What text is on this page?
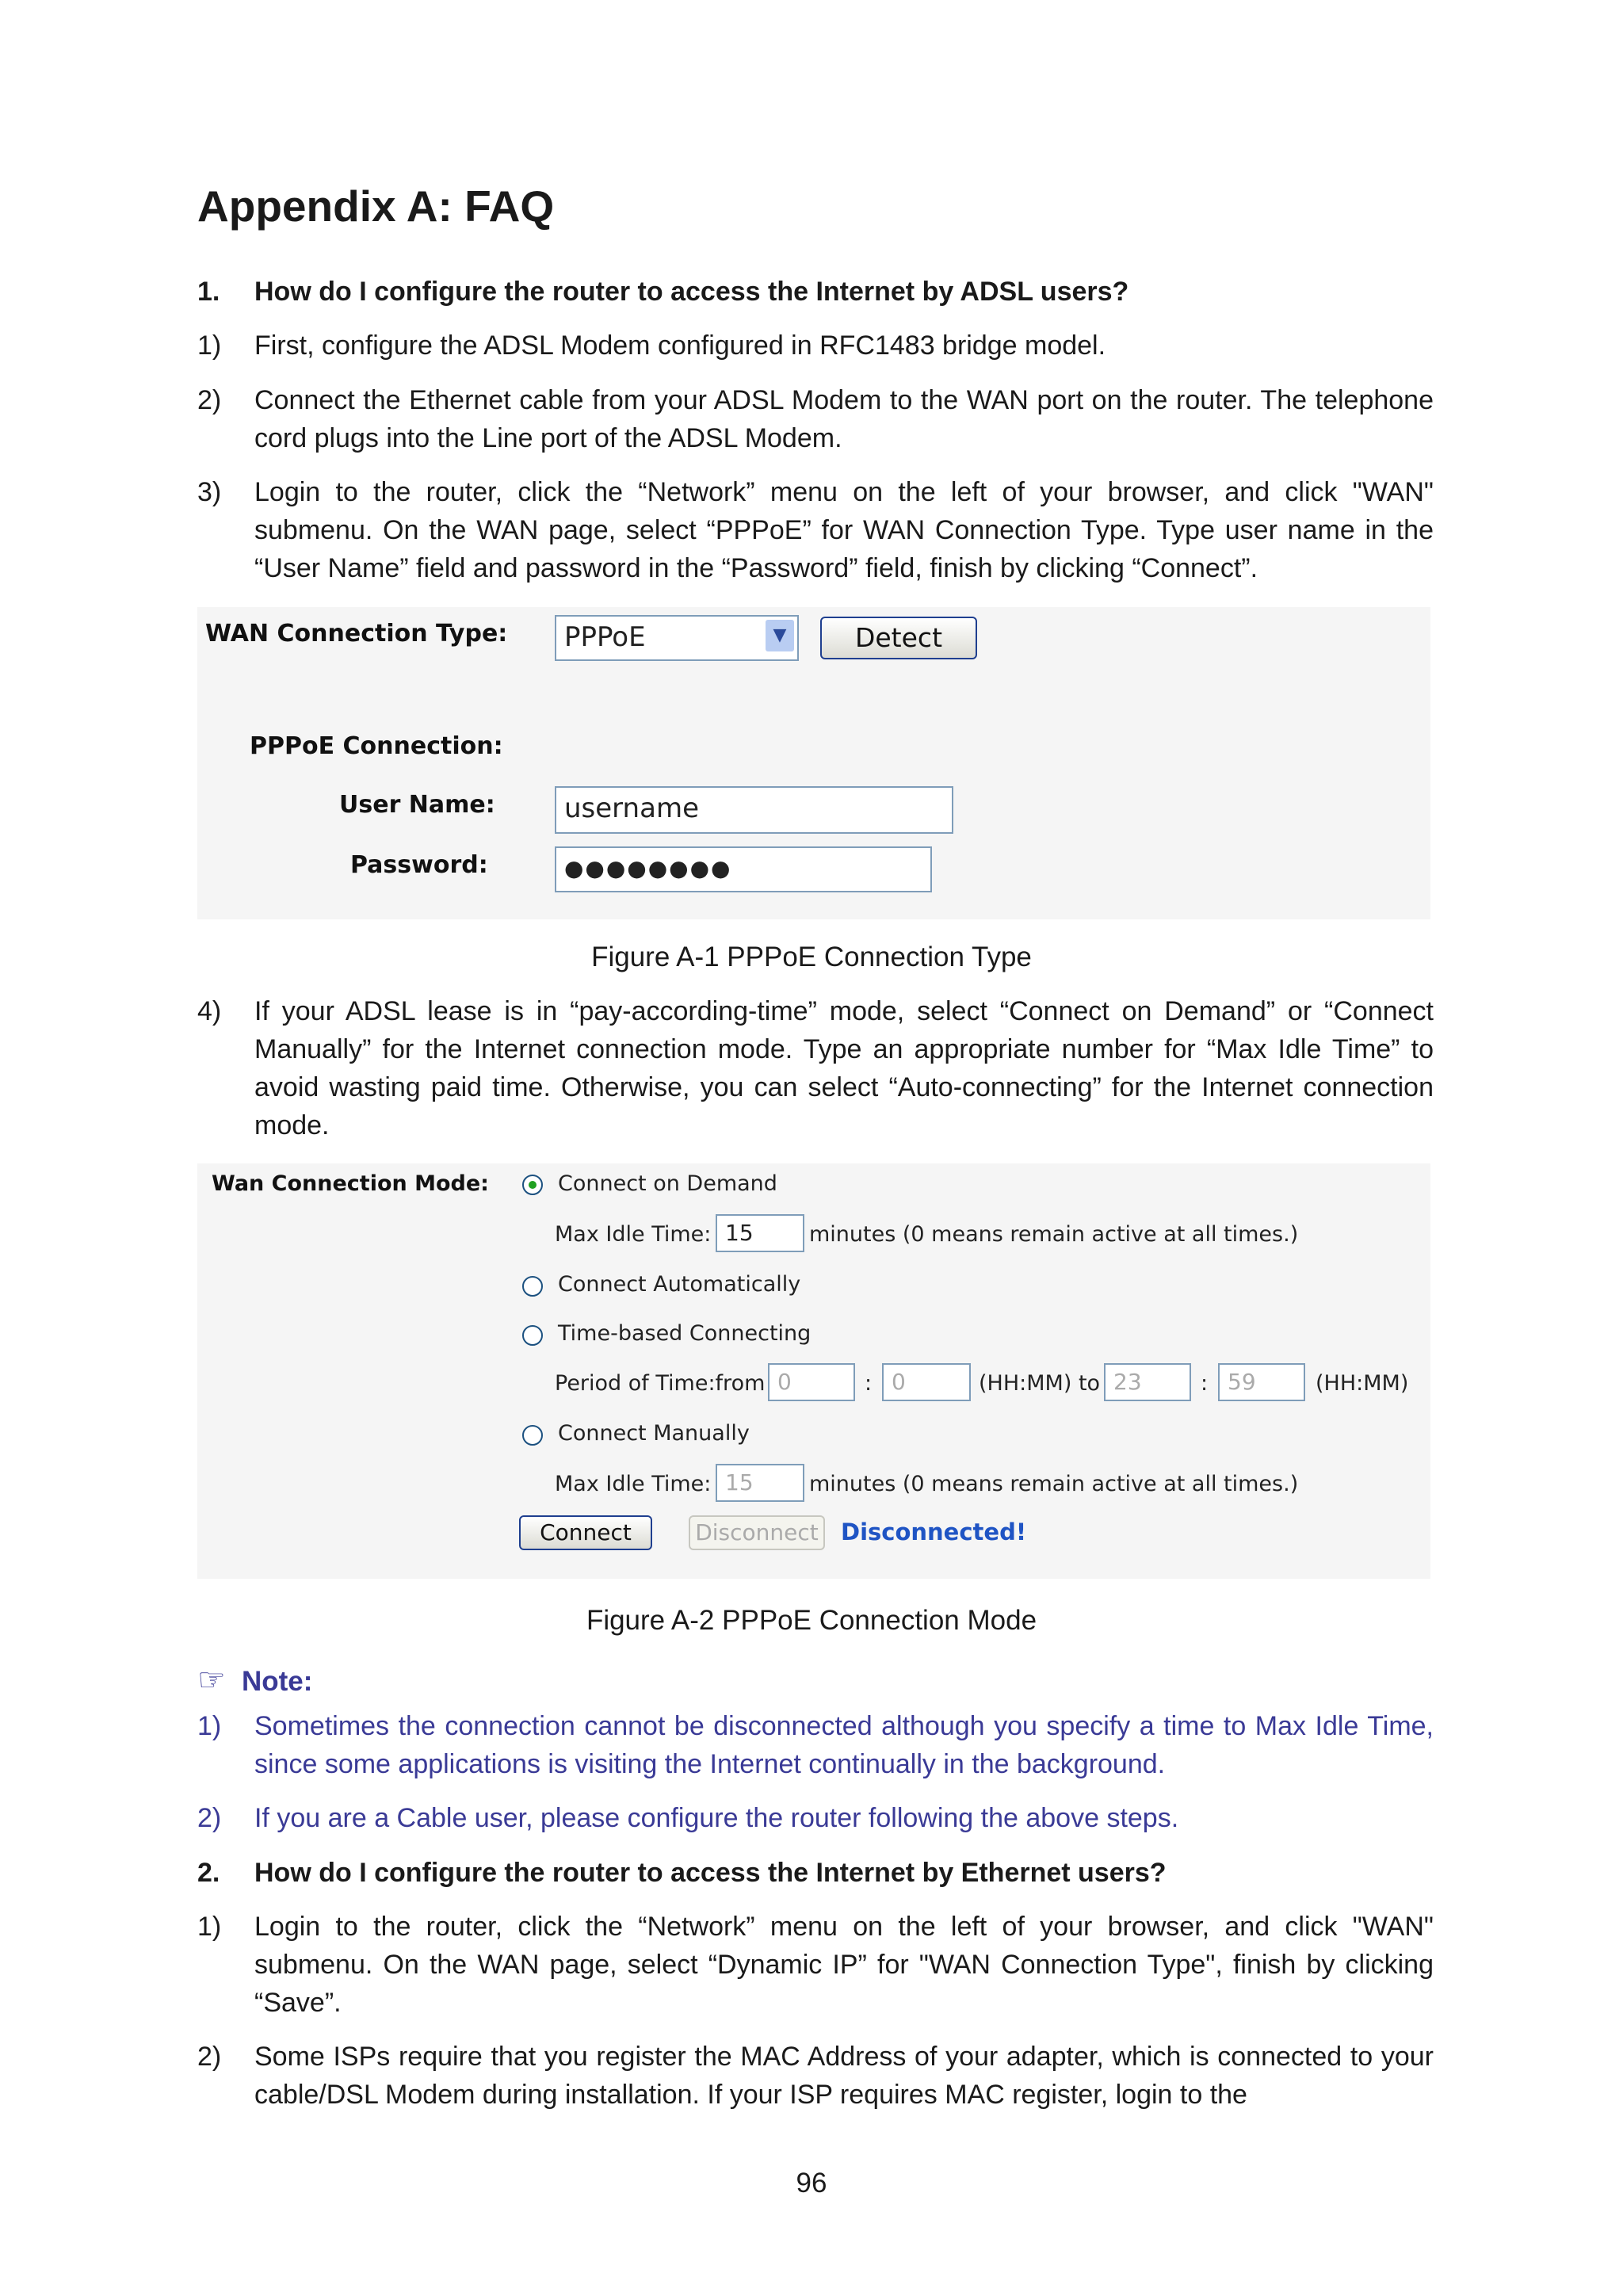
Appendix A: FAQ
1. How do I configure the router to access the Internet by ADSL users?
1) First, configure the ADSL Modem configured in RFC1483 bridge model.
2) Connect the Ethernet cable from your ADSL Modem to the WAN port on the router. The telephone cord plugs into the Line port of the ADSL Modem.
3) Login to the router, click the “Network” menu on the left of your browser, and click "WAN" submenu. On the WAN page, select “PPPoE” for WAN Connection Type. Type user name in the “User Name” field and password in the “Password” field, finish by clicking “Connect”.
WAN Connection Type:	PPPoE	▼	Detect
PPPoE Connection:
User Name:	username
Password:	●●●●●●●●
Figure A-1 PPPoE Connection Type
4) If your ADSL lease is in “pay-according-time” mode, select “Connect on Demand” or “Connect Manually” for the Internet connection mode. Type an appropriate number for “Max Idle Time” to avoid wasting paid time. Otherwise, you can select “Auto-connecting” for the Internet connection mode.
Wan Connection Mode:	Connect on Demand
Max Idle Time: 15	minutes (0 means remain active at all times.)
Connect Automatically
Time-based Connecting
Period of Time:from 0	: 0	(HH:MM) to 23	: 59	(HH:MM)
Connect Manually
Max Idle Time: 15	minutes (0 means remain active at all times.)
Connect	Disconnect Disconnected!
Figure A-2 PPPoE Connection Mode
☞ Note:
1) Sometimes the connection cannot be disconnected although you specify a time to Max Idle Time, since some applications is visiting the Internet continually in the background.
2) If you are a Cable user, please configure the router following the above steps.
2. How do I configure the router to access the Internet by Ethernet users?
1) Login to the router, click the “Network” menu on the left of your browser, and click "WAN" submenu. On the WAN page, select “Dynamic IP” for "WAN Connection Type", finish by clicking “Save”.
2) Some ISPs require that you register the MAC Address of your adapter, which is connected to your cable/DSL Modem during installation. If your ISP requires MAC register, login to the
96
